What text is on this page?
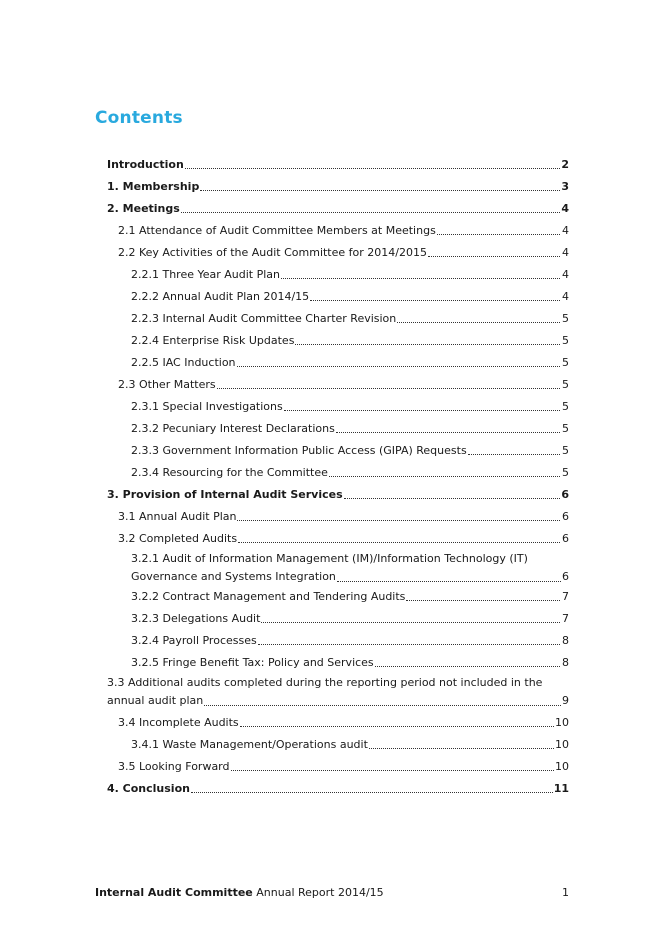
Contents
Introduction	2
1. Membership	3
2. Meetings	4
2.1 Attendance of Audit Committee Members at Meetings	4
2.2 Key Activities of the Audit Committee for 2014/2015	4
2.2.1 Three Year Audit Plan	4
2.2.2 Annual Audit Plan 2014/15	4
2.2.3 Internal Audit Committee Charter Revision	5
2.2.4 Enterprise Risk Updates	5
2.2.5 IAC Induction	5
2.3 Other Matters	5
2.3.1 Special Investigations	5
2.3.2 Pecuniary Interest Declarations	5
2.3.3 Government Information Public Access (GIPA) Requests	5
2.3.4 Resourcing for the Committee	5
3. Provision of Internal Audit Services	6
3.1 Annual Audit Plan	6
3.2 Completed Audits	6
3.2.1 Audit of Information Management (IM)/Information Technology (IT)
Governance and Systems Integration	6
3.2.2 Contract Management and Tendering Audits	7
3.2.3 Delegations Audit	7
3.2.4 Payroll Processes	8
3.2.5 Fringe Benefit Tax: Policy and Services	8
3.3 Additional audits completed during the reporting period not included in the
annual audit plan	9
3.4 Incomplete Audits	10
3.4.1 Waste Management/Operations audit	10
3.5 Looking Forward	10
4. Conclusion	11
Internal Audit Committee Annual Report 2014/15	1
